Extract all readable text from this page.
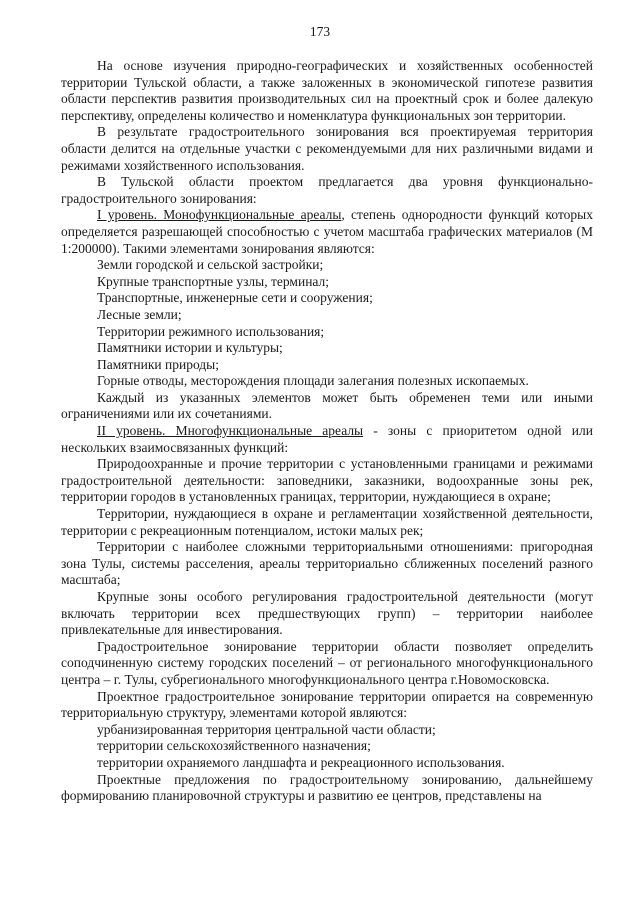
173

На основе изучения природно-географических и хозяйственных особенностей территории Тульской области, а также заложенных в экономической гипотезе развития области перспектив развития производительных сил на проектный срок и более далекую перспективу, определены количество и номенклатура функциональных зон территории.

В результате градостроительного зонирования вся проектируемая территория области делится на отдельные участки с рекомендуемыми для них различными видами и режимами хозяйственного использования.

В Тульской области проектом предлагается два уровня функционально-градостроительного зонирования:

I уровень. Монофункциональные ареалы, степень однородности функций которых определяется разрешающей способностью с учетом масштаба графических материалов (М 1:200000). Такими элементами зонирования являются:

Земли городской и сельской застройки;

Крупные транспортные узлы, терминал;

Транспортные, инженерные сети и сооружения;

Лесные земли;

Территории режимного использования;

Памятники истории и культуры;

Памятники природы;

Горные отводы, месторождения площади залегания полезных ископаемых.

Каждый из указанных элементов может быть обременен теми или иными ограничениями или их сочетаниями.

II уровень. Многофункциональные ареалы - зоны с приоритетом одной или нескольких взаимосвязанных функций:

Природоохранные и прочие территории с установленными границами и режимами градостроительной деятельности: заповедники, заказники, водоохранные зоны рек, территории городов в установленных границах, территории, нуждающиеся в охране;

Территории, нуждающиеся в охране и регламентации хозяйственной деятельности, территории с рекреационным потенциалом, истоки малых рек;

Территории с наиболее сложными территориальными отношениями: пригородная зона Тулы, системы расселения, ареалы территориально сближенных поселений разного масштаба;

Крупные зоны особого регулирования градостроительной деятельности (могут включать территории всех предшествующих групп) – территории наиболее привлекательные для инвестирования.

Градостроительное зонирование территории области позволяет определить соподчиненную систему городских поселений – от регионального многофункционального центра – г. Тулы, субрегионального многофункционального центра г.Новомосковска.

Проектное градостроительное зонирование территории опирается на современную территориальную структуру, элементами которой являются:

урбанизированная территория центральной части области;

территории сельскохозяйственного назначения;

территории охраняемого ландшафта и рекреационного использования.

Проектные предложения по градостроительному зонированию, дальнейшему формированию планировочной структуры и развитию ее центров, представлены на
